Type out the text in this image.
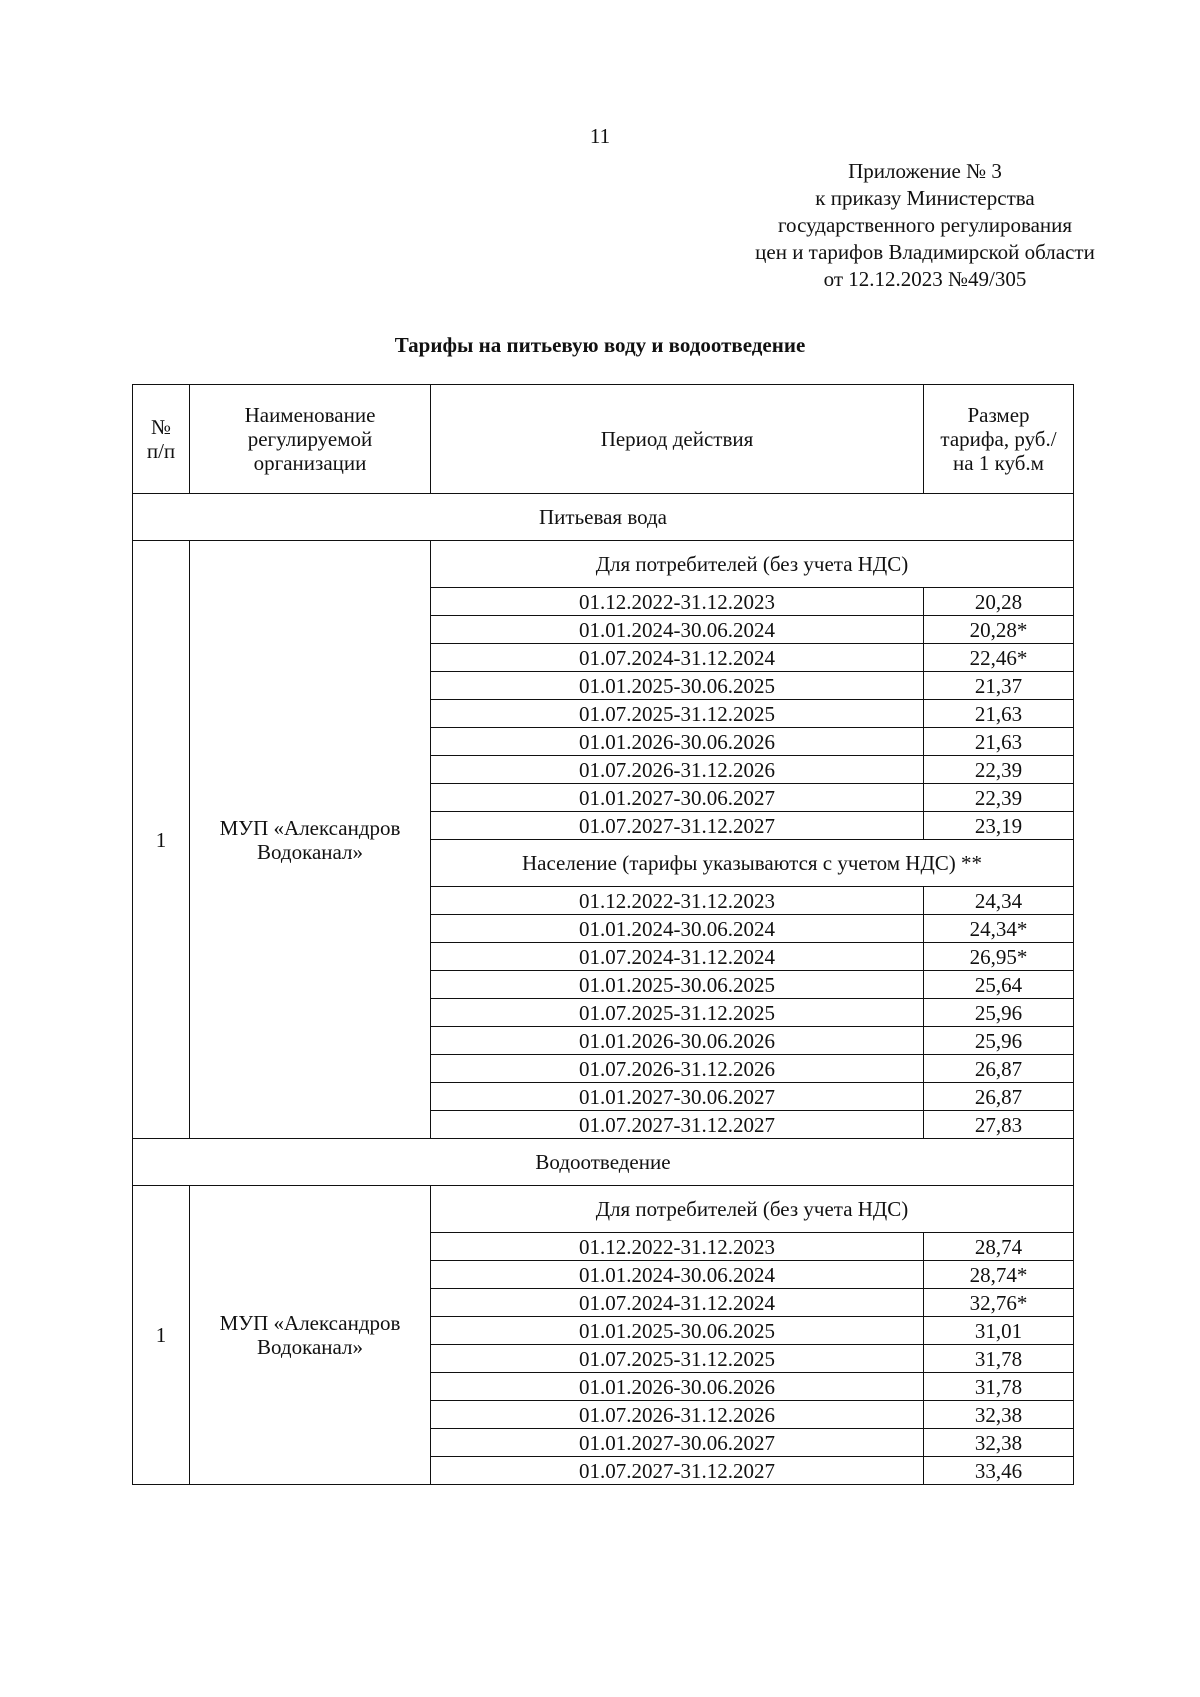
11
Приложение № 3
к приказу Министерства
государственного регулирования
цен и тарифов Владимирской области
от 12.12.2023 №49/305
Тарифы на питьевую воду и водоотведение
№ п/п	Наименование регулируемой организации	Период действия	Размер тарифа, руб./на 1 куб.м
Питьевая вода			
1	МУП «Александров Водоканал»	Для потребителей (без учета НДС)	
		01.12.2022-31.12.2023	20,28
		01.01.2024-30.06.2024	20,28*
		01.07.2024-31.12.2024	22,46*
		01.01.2025-30.06.2025	21,37
		01.07.2025-31.12.2025	21,63
		01.01.2026-30.06.2026	21,63
		01.07.2026-31.12.2026	22,39
		01.01.2027-30.06.2027	22,39
		01.07.2027-31.12.2027	23,19
		Население (тарифы указываются с учетом НДС) **	
		01.12.2022-31.12.2023	24,34
		01.01.2024-30.06.2024	24,34*
		01.07.2024-31.12.2024	26,95*
		01.01.2025-30.06.2025	25,64
		01.07.2025-31.12.2025	25,96
		01.01.2026-30.06.2026	25,96
		01.07.2026-31.12.2026	26,87
		01.01.2027-30.06.2027	26,87
		01.07.2027-31.12.2027	27,83
Водоотведение			
1	МУП «Александров Водоканал»	Для потребителей (без учета НДС)	
		01.12.2022-31.12.2023	28,74
		01.01.2024-30.06.2024	28,74*
		01.07.2024-31.12.2024	32,76*
		01.01.2025-30.06.2025	31,01
		01.07.2025-31.12.2025	31,78
		01.01.2026-30.06.2026	31,78
		01.07.2026-31.12.2026	32,38
		01.01.2027-30.06.2027	32,38
		01.07.2027-31.12.2027	33,46
